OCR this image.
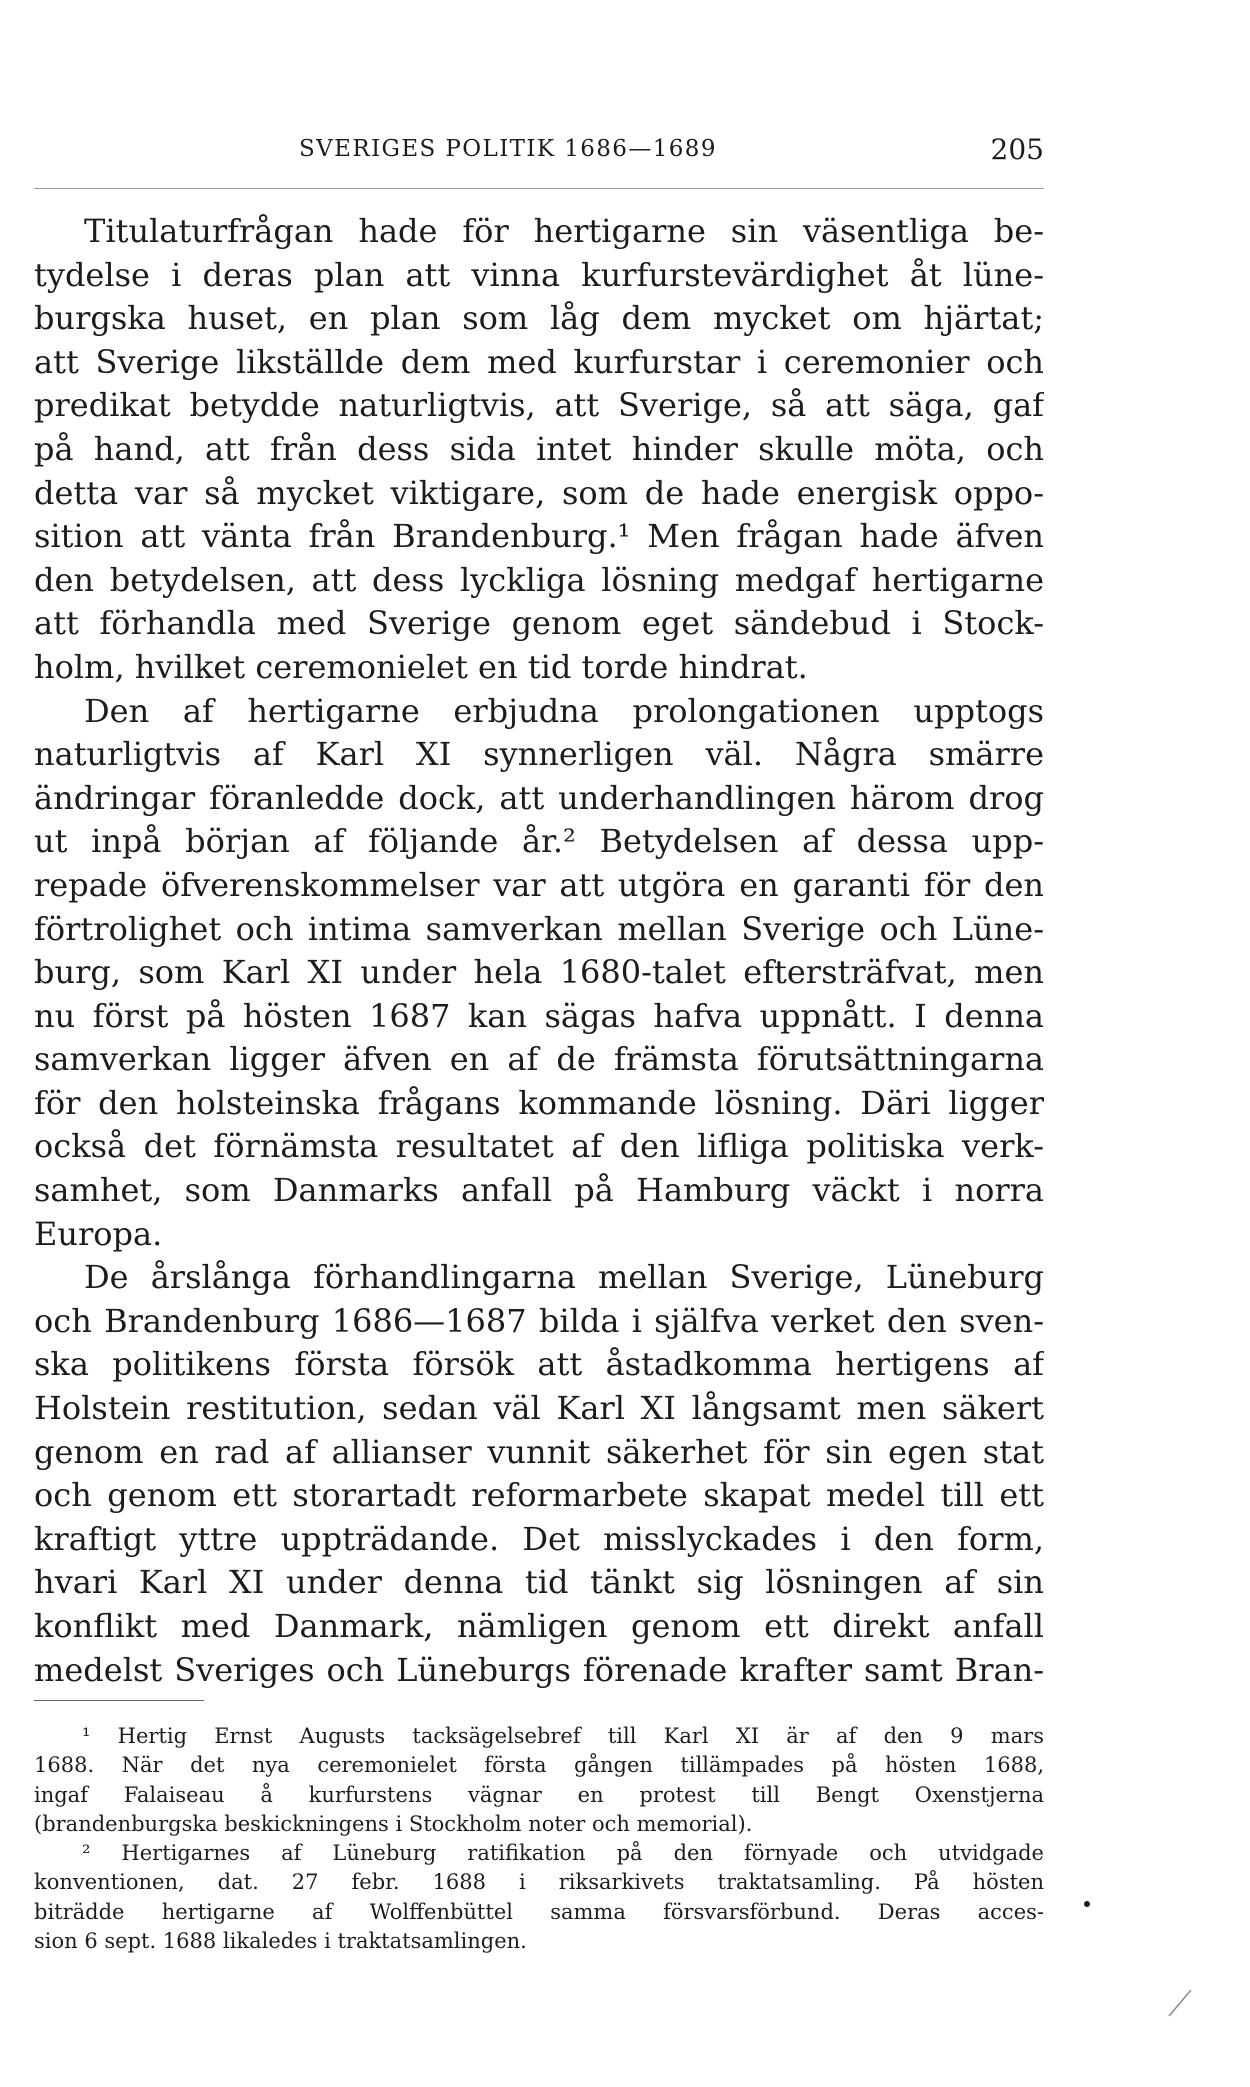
SVERIGES POLITIK 1686—1689	205
Titulaturfrågan hade för hertigarne sin väsentliga be-
tydelse i deras plan att vinna kurfurstevärdighet åt lüne-
burgska huset, en plan som låg dem mycket om hjärtat;
att Sverige likställde dem med kurfurstar i ceremonier och
predikat betydde naturligtvis, att Sverige, så att säga, gaf
på hand, att från dess sida intet hinder skulle möta, och
detta var så mycket viktigare, som de hade energisk oppo-
sition att vänta från Brandenburg.¹ Men frågan hade äfven
den betydelsen, att dess lyckliga lösning medgaf hertigarne
att förhandla med Sverige genom eget sändebud i Stock-
holm, hvilket ceremonielet en tid torde hindrat.
Den af hertigarne erbjudna prolongationen upptogs
naturligtvis af Karl XI synnerligen väl. Några smärre
ändringar föranledde dock, att underhandlingen härom drog
ut inpå början af följande år.² Betydelsen af dessa upp-
repade öfverenskommelser var att utgöra en garanti för den
förtrolighet och intima samverkan mellan Sverige och Lüne-
burg, som Karl XI under hela 1680-talet eftersträfvat, men
nu först på hösten 1687 kan sägas hafva uppnått. I denna
samverkan ligger äfven en af de främsta förutsättningarna
för den holsteinska frågans kommande lösning. Däri ligger
också det förnämsta resultatet af den lifliga politiska verk-
samhet, som Danmarks anfall på Hamburg väckt i norra
Europa.
De årslånga förhandlingarna mellan Sverige, Lüneburg
och Brandenburg 1686—1687 bilda i själfva verket den sven-
ska politikens första försök att åstadkomma hertigens af
Holstein restitution, sedan väl Karl XI långsamt men säkert
genom en rad af allianser vunnit säkerhet för sin egen stat
och genom ett storartadt reformarbete skapat medel till ett
kraftigt yttre uppträdande. Det misslyckades i den form,
hvari Karl XI under denna tid tänkt sig lösningen af sin
konflikt med Danmark, nämligen genom ett direkt anfall
medelst Sveriges och Lüneburgs förenade krafter samt Bran-
¹ Hertig Ernst Augusts tacksägelsebref till Karl XI är af den 9 mars
1688. När det nya ceremonielet första gången tillämpades på hösten 1688,
ingaf Falaiseau å kurfurstens vägnar en protest till Bengt Oxenstjerna
(brandenburgska beskickningens i Stockholm noter och memorial).
² Hertigarnes af Lüneburg ratifikation på den förnyade och utvidgade
konventionen, dat. 27 febr. 1688 i riksarkivets traktatsamling. På hösten
biträdde hertigarne af Wolffenbüttel samma försvarsförbund. Deras acces-
sion 6 sept. 1688 likaledes i traktatsamlingen.
